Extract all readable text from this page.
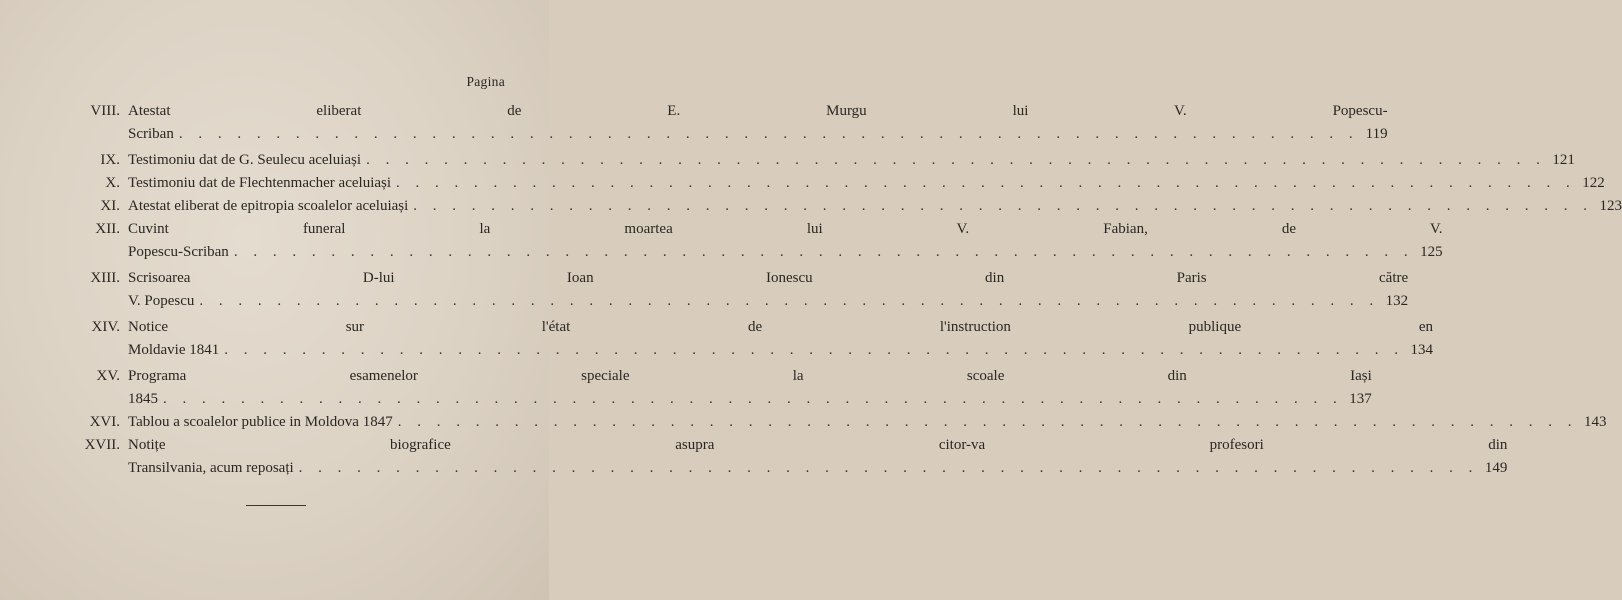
Pagina
VIII. Atestat eliberat de E. Murgu lui V. Popescu-
Scriban . . .	119
IX. Testimoniu dat de G. Seulecu aceluiași . . .	121
X. Testimoniu dat de Flechtenmacher aceluiași . . .	122
XI. Atestat eliberat de epitropia scoalelor aceluiași . . .	123
XII. Cuvint funeral la moartea lui V. Fabian, de V.
Popescu-Scriban . . .	125
XIII. Scrisoarea D-lui Ioan Ionescu din Paris către
V. Popescu . . .	132
XIV. Notice sur l'état de l'instruction publique en
Moldavie 1841 . . .	134
XV. Programa esamenelor speciale la scoale din Iași
1845 . . .	137
XVI. Tablou a scoalelor publice in Moldova 1847 . . .	143
XVII. Notițe biografice asupra citor-va profesori din
Transilvania, acum reposați . . .	149
